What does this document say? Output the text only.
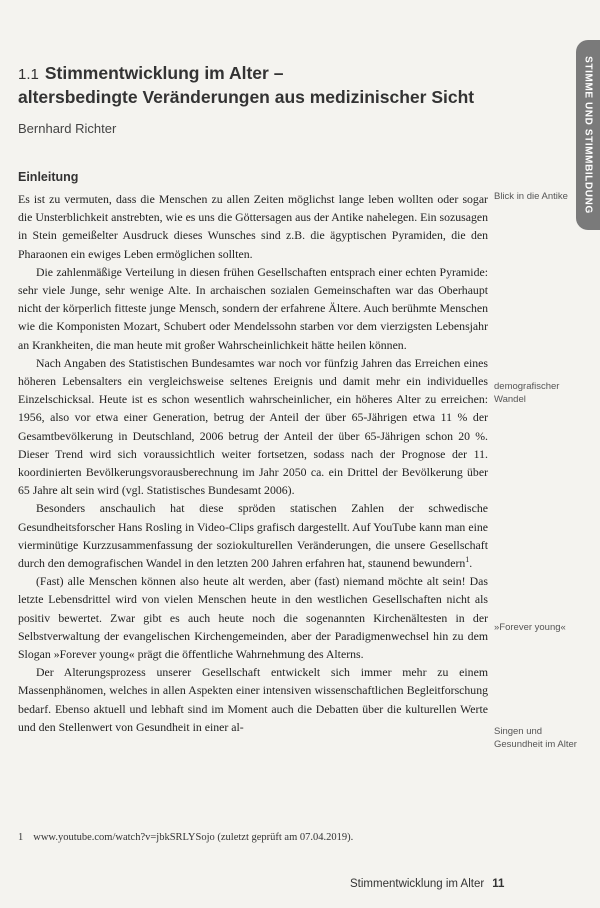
STIMME UND STIMMBILDUNG
1.1 Stimmentwicklung im Alter –
altersbedingte Veränderungen aus medizinischer Sicht
Bernhard Richter
Einleitung

Es ist zu vermuten, dass die Menschen zu allen Zeiten möglichst lange leben wollten oder sogar die Unsterblichkeit anstrebten, wie es uns die Göttersagen aus der Antike nahelegen. Ein sozusagen in Stein gemeißelter Ausdruck dieses Wunsches sind z.B. die ägyptischen Pyramiden, die den Pharaonen ein ewiges Leben ermöglichen sollten.

Die zahlenmäßige Verteilung in diesen frühen Gesellschaften entsprach einer echten Pyramide: sehr viele Junge, sehr wenige Alte. In archaischen sozialen Gemeinschaften war das Oberhaupt nicht der körperlich fitteste junge Mensch, sondern der erfahrene Ältere. Auch berühmte Menschen wie die Komponisten Mozart, Schubert oder Mendelssohn starben vor dem vierzigsten Lebensjahr an Krankheiten, die man heute mit großer Wahrscheinlichkeit hätte heilen können.

Nach Angaben des Statistischen Bundesamtes war noch vor fünfzig Jahren das Erreichen eines höheren Lebensalters ein vergleichsweise seltenes Ereignis und damit mehr ein individuelles Einzelschicksal. Heute ist es schon wesentlich wahrscheinlicher, ein höheres Alter zu erreichen: 1956, also vor etwa einer Generation, betrug der Anteil der über 65-Jährigen etwa 11 % der Gesamtbevölkerung in Deutschland, 2006 betrug der Anteil der über 65-Jährigen schon 20 %. Dieser Trend wird sich voraussichtlich weiter fortsetzen, sodass nach der Prognose der 11. koordinierten Bevölkerungsvorausberechnung im Jahr 2050 ca. ein Drittel der Bevölkerung über 65 Jahre alt sein wird (vgl. Statistisches Bundesamt 2006).

Besonders anschaulich hat diese spröden statischen Zahlen der schwedische Gesundheitsforscher Hans Rosling in Video-Clips grafisch dargestellt. Auf YouTube kann man eine vierminütige Kurzzusammenfassung der soziokulturellen Veränderungen, die unsere Gesellschaft durch den demografischen Wandel in den letzten 200 Jahren erfahren hat, staunend bewundern$^1$.

(Fast) alle Menschen können also heute alt werden, aber (fast) niemand möchte alt sein! Das letzte Lebensdrittel wird von vielen Menschen heute in den westlichen Gesellschaften nicht als positiv bewertet. Zwar gibt es auch heute noch die sogenannten Kirchenältesten in der Selbstverwaltung der evangelischen Kirchengemeinden, aber der Paradigmenwechsel hin zu dem Slogan »Forever young« prägt die öffentliche Wahrnehmung des Alterns.

Der Alterungsprozess unserer Gesellschaft entwickelt sich immer mehr zu einem Massenphänomen, welches in allen Aspekten einer intensiven wissenschaftlichen Begleitforschung bedarf. Ebenso aktuell und lebhaft sind im Moment auch die Debatten über die kulturellen Werte und den Stellenwert von Gesundheit in einer al-

Blick in die Antike
demografischer Wandel
»Forever young«
Singen und Gesundheit im Alter
1 www.youtube.com/watch?v=jbkSRLYSojo (zuletzt geprüft am 07.04.2019).
Stimmentwicklung im Alter 11
